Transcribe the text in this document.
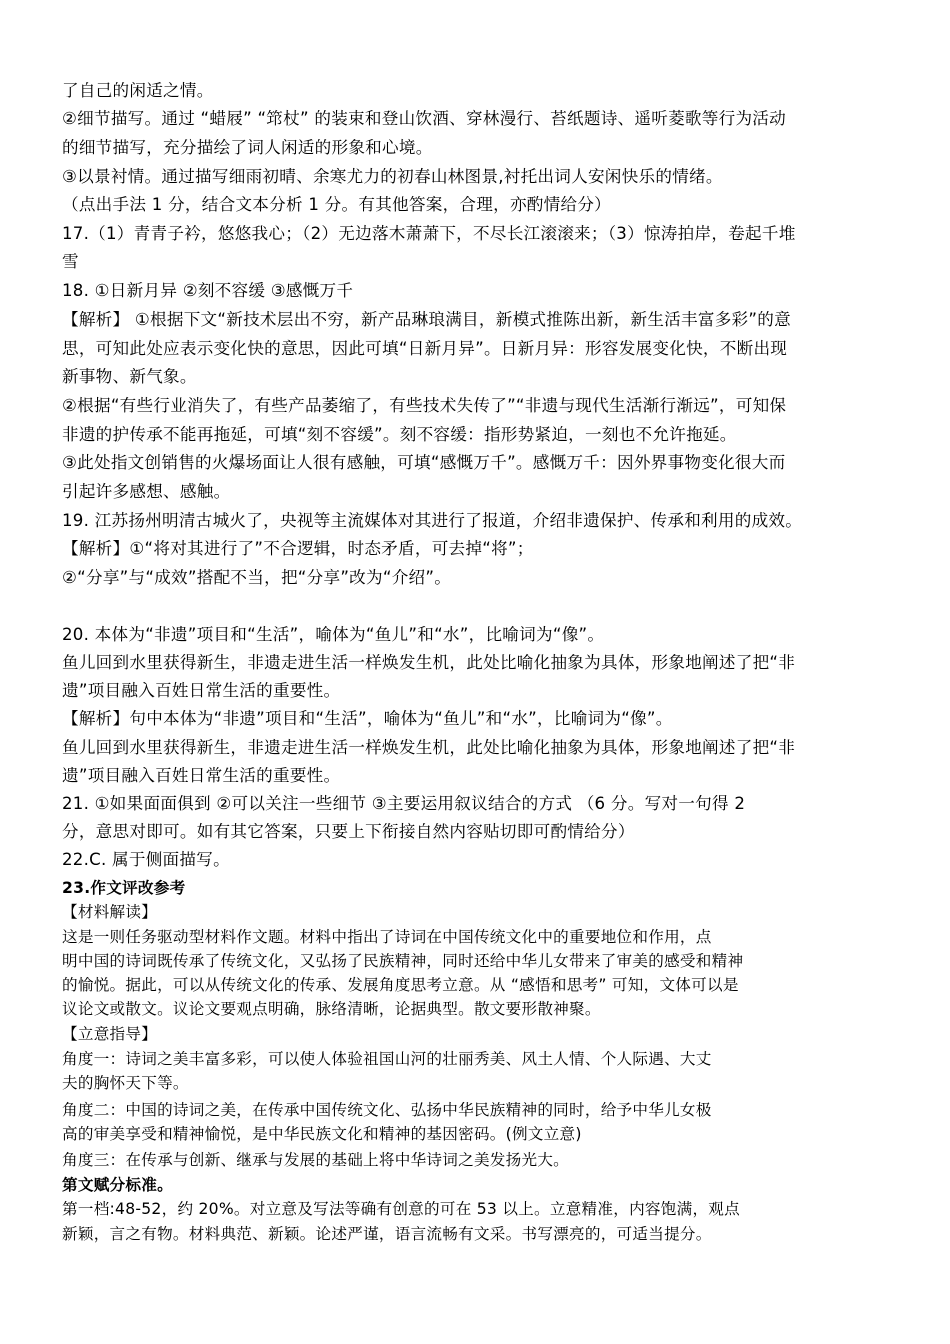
了自己的闲适之情。
②细节描写。通过 “蜡屐” “筇杖” 的装束和登山饮酒、穿林漫行、苔纸题诗、遥听菱歌等行为活动
的细节描写，充分描绘了词人闲适的形象和心境。
③以景衬情。通过描写细雨初晴、余寒尤力的初春山林图景,衬托出词人安闲快乐的情绪。
（点出手法 1 分，结合文本分析 1 分。有其他答案，合理，亦酌情给分）
17.（1）青青子衿，悠悠我心；（2）无边落木萧萧下，不尽长江滚滚来；（3）惊涛拍岸，卷起千堆
雪
18. ①日新月异 ②刻不容缓 ③感慨万千
【解析】 ①根据下文“新技术层出不穷，新产品琳琅满目，新模式推陈出新，新生活丰富多彩”的意
思，可知此处应表示变化快的意思，因此可填“日新月异”。日新月异：形容发展变化快，不断出现
新事物、新气象。
②根据“有些行业消失了，有些产品萎缩了，有些技术失传了”“非遗与现代生活渐行渐远”，可知保
非遗的护传承不能再拖延，可填“刻不容缓”。刻不容缓：指形势紧迫，一刻也不允许拖延。
③此处指文创销售的火爆场面让人很有感触，可填“感慨万千”。感慨万千：因外界事物变化很大而
引起许多感想、感触。
19. 江苏扬州明清古城火了，央视等主流媒体对其进行了报道，介绍非遗保护、传承和利用的成效。
【解析】①“将对其进行了”不合逻辑，时态矛盾，可去掉“将”；
②“分享”与“成效”搭配不当，把“分享”改为“介绍”。
20. 本体为“非遗”项目和“生活”，喻体为“鱼儿”和“水”，比喻词为“像”。
鱼儿回到水里获得新生，非遗走进生活一样焕发生机，此处比喻化抽象为具体，形象地阐述了把“非
遗”项目融入百姓日常生活的重要性。
【解析】句中本体为“非遗”项目和“生活”，喻体为“鱼儿”和“水”，比喻词为“像”。
鱼儿回到水里获得新生，非遗走进生活一样焕发生机，此处比喻化抽象为具体，形象地阐述了把“非
遗”项目融入百姓日常生活的重要性。
21. ①如果面面俱到 ②可以关注一些细节 ③主要运用叙议结合的方式 （6 分。写对一句得 2
分，意思对即可。如有其它答案，只要上下衔接自然内容贴切即可酌情给分）
22.C. 属于侧面描写。
23.作文评改参考
【材料解读】
这是一则任务驱动型材料作文题。材料中指出了诗词在中国传统文化中的重要地位和作用，点
明中国的诗词既传承了传统文化，又弘扬了民族精神，同时还给中华儿女带来了审美的感受和精神
的愉悦。据此，可以从传统文化的传承、发展角度思考立意。从 “感悟和思考” 可知，文体可以是
议论文或散文。议论文要观点明确，脉络清晰，论据典型。散文要形散神聚。
【立意指导】
角度一：诗词之美丰富多彩，可以使人体验祖国山河的壮丽秀美、风土人情、个人际遇、大丈
夫的胸怀天下等。
角度二：中国的诗词之美，在传承中国传统文化、弘扬中华民族精神的同时，给予中华儿女极
高的审美享受和精神愉悦，是中华民族文化和精神的基因密码。(例文立意)
角度三：在传承与创新、继承与发展的基础上将中华诗词之美发扬光大。
第文赋分标准。
第一档:48-52，约 20%。对立意及写法等确有创意的可在 53 以上。立意精准，内容饱满，观点
新颖，言之有物。材料典范、新颖。论述严谨，语言流畅有文采。书写漂亮的，可适当提分。
